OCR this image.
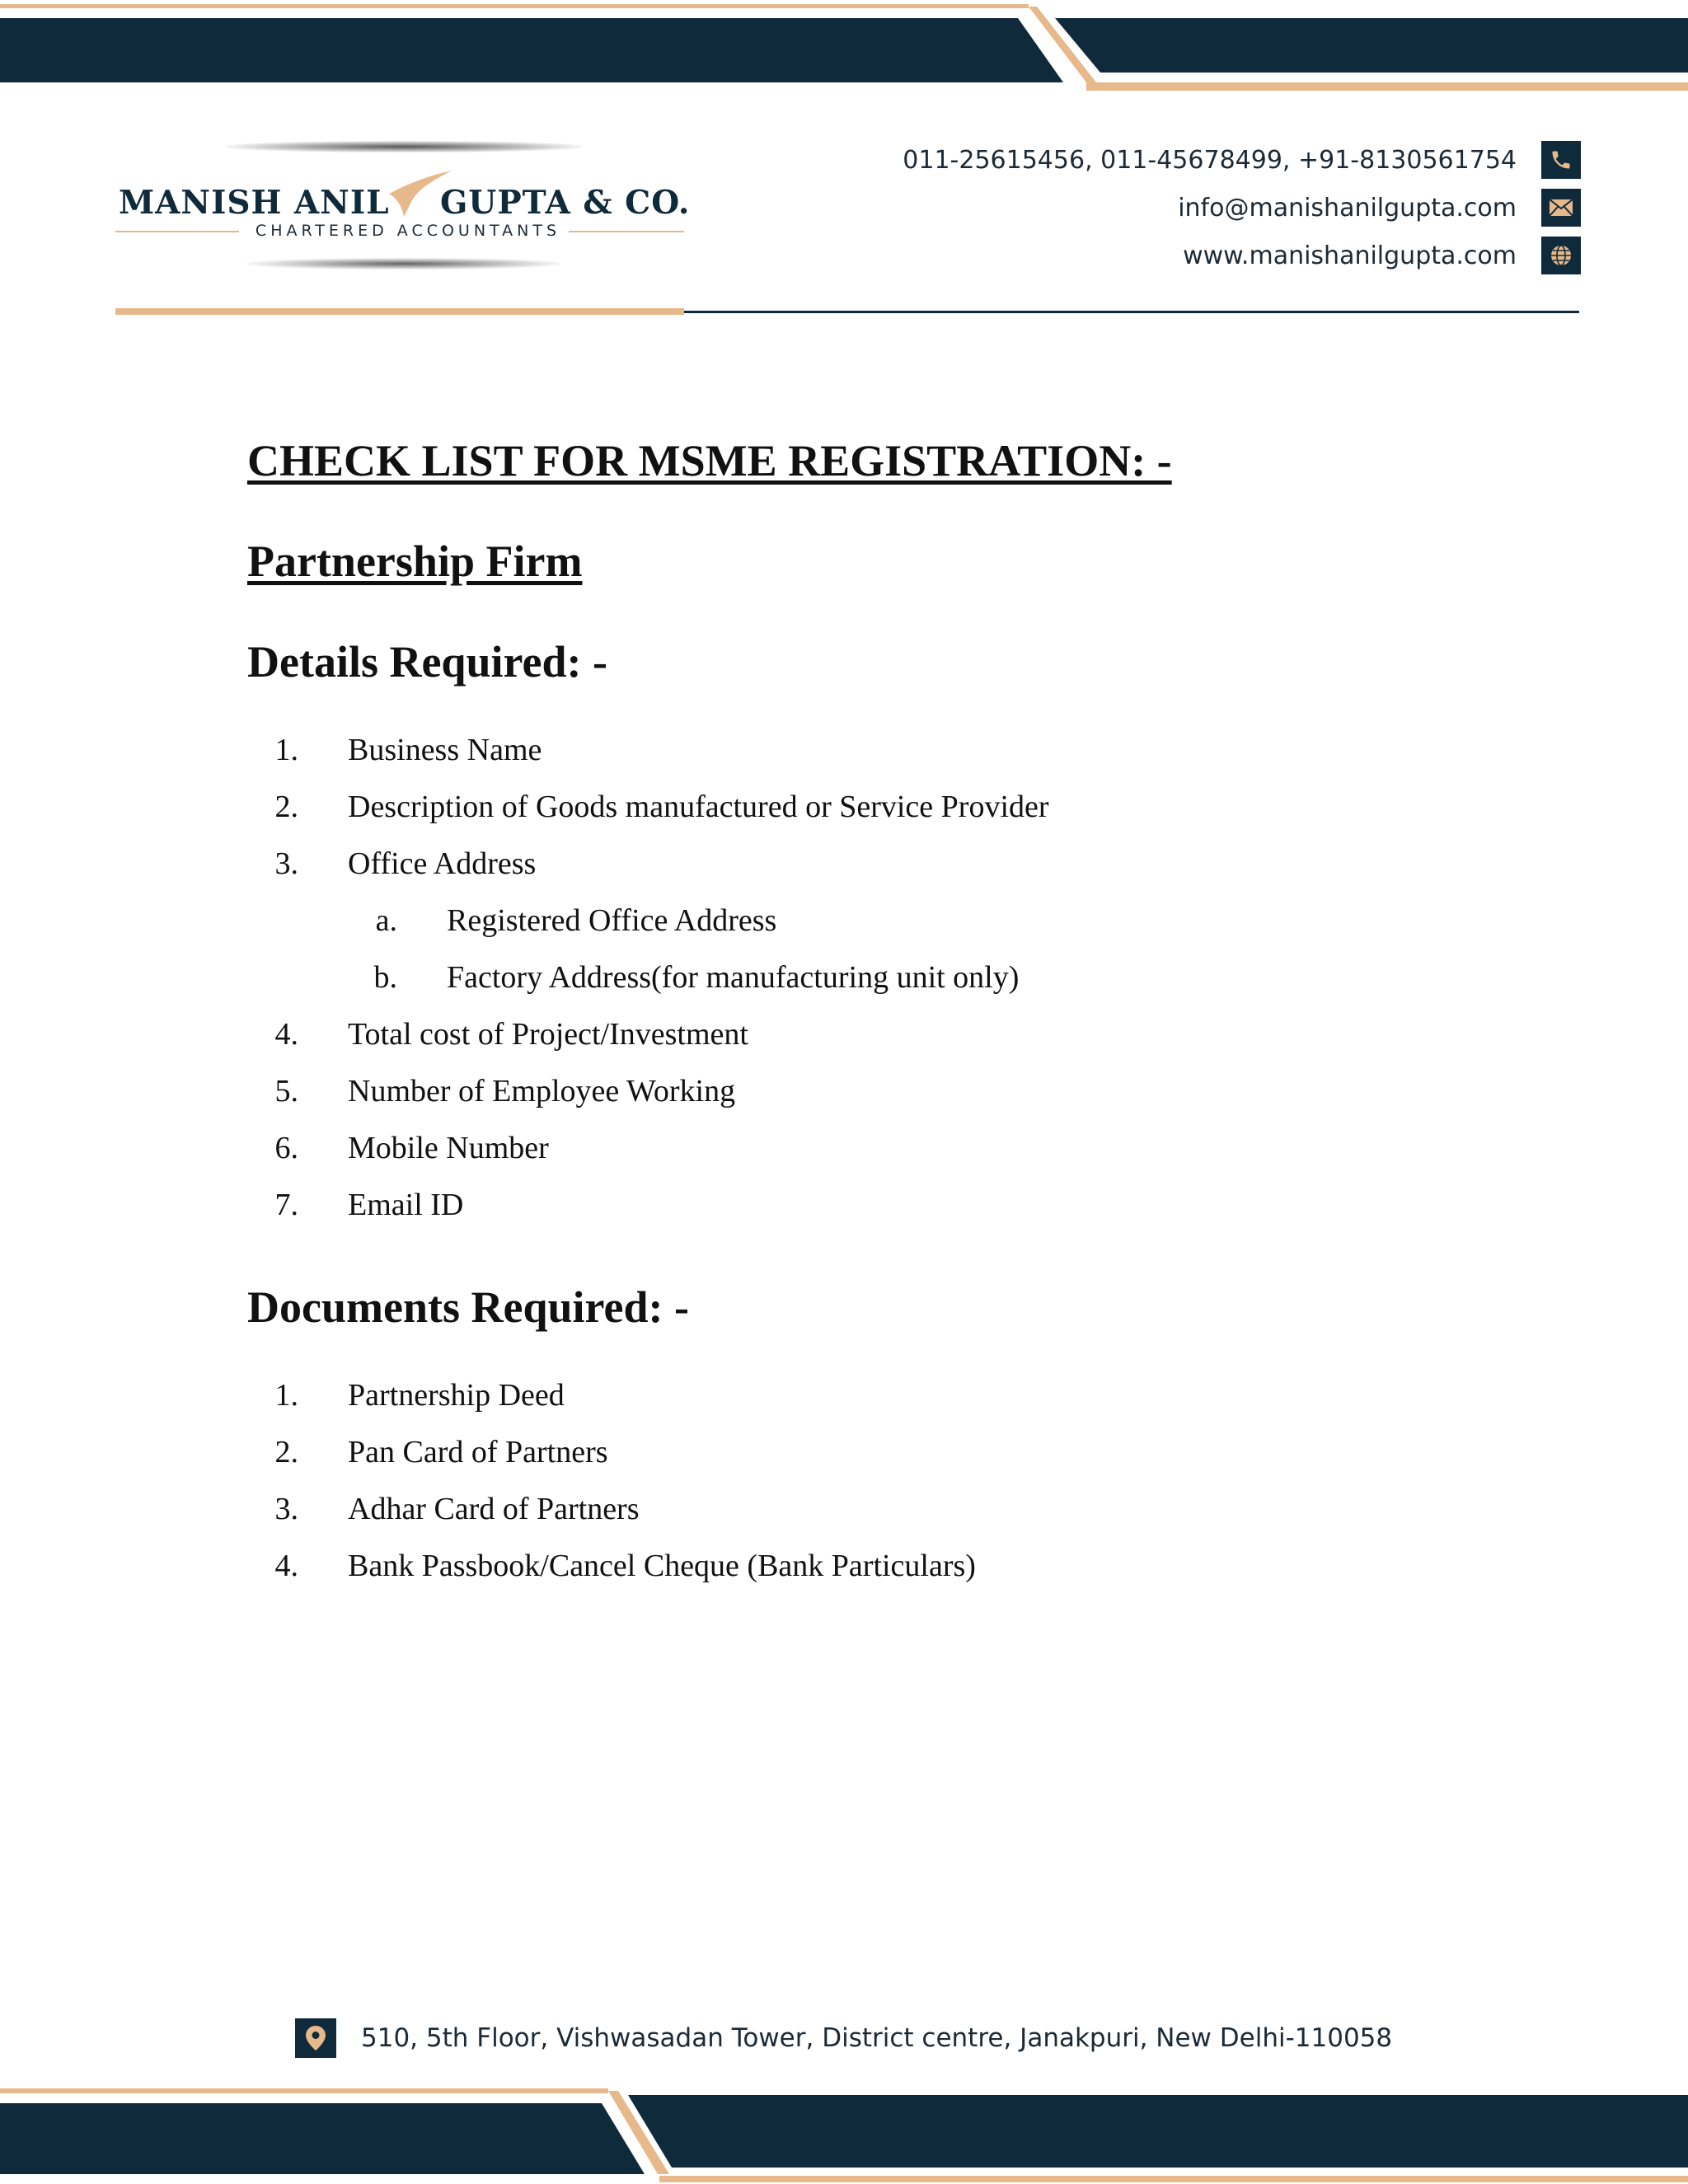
MANISH ANIL GUPTA & CO.
CHARTERED ACCOUNTANTS
011-25615456, 011-45678499, +91-8130561754
info@manishanilgupta.com
www.manishanilgupta.com
CHECK LIST FOR MSME REGISTRATION: -
Partnership Firm
Details Required: -
1.	Business Name
2.	Description of Goods manufactured or Service Provider
3.	Office Address
a.	Registered Office Address
b.	Factory Address(for manufacturing unit only)
4.	Total cost of Project/Investment
5.	Number of Employee Working
6.	Mobile Number
7.	Email ID
Documents Required: -
1.	Partnership Deed
2.	Pan Card of Partners
3.	Adhar Card of Partners
4.	Bank Passbook/Cancel Cheque (Bank Particulars)
510, 5th Floor, Vishwasadan Tower, District centre, Janakpuri, New Delhi-110058
